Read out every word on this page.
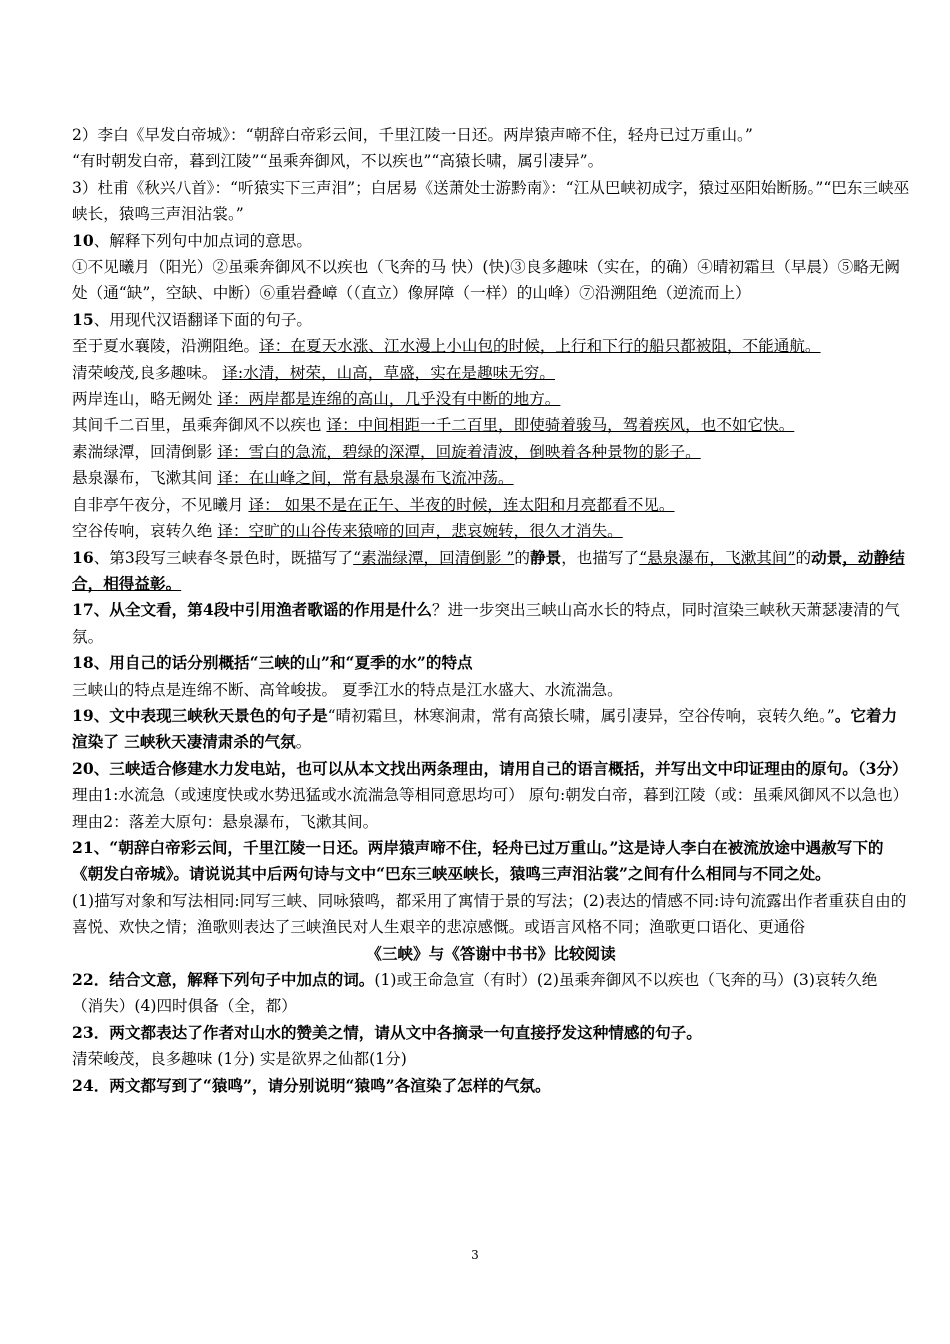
2）李白《早发白帝城》：“朝辞白帝彩云间，千里江陵一日还。两岸猿声啼不住，轻舟已过万重山。”

“有时朝发白帝，暮到江陵”“虽乘奔御风，不以疾也”“高猿长啸，属引凄异”。

3）杜甫《秋兴八首》：“听猿实下三声泪”；白居易《送萧处士游黔南》：“江从巴峡初成字，猿过巫阳始断肠。”“巴东三峡巫峡长，猿鸣三声泪沾裳。”

10、解释下列句中加点词的意思。

①不见曦月（阳光）②虽乘奔御风不以疾也（飞奔的马 快）(快)③良多趣味（实在，的确）④晴初霜旦（早晨）⑤略无阙处（通“缺”，空缺、中断）⑥重岩叠嶂（（直立）像屏障（一样）的山峰）⑦沿溯阻绝（逆流而上）

15、用现代汉语翻译下面的句子。

至于夏水襄陵，沿溯阻绝。译：在夏天水涨、江水漫上小山包的时候，上行和下行的船只都被阻，不能通航。

清荣峻茂,良多趣味。 译:水清，树荣，山高，草盛，实在是趣味无穷。

两岸连山，略无阙处 译：两岸都是连绵的高山，几乎没有中断的地方。

其间千二百里，虽乘奔御风不以疾也 译：中间相距一千二百里，即使骑着骏马，驾着疾风，也不如它快。

素湍绿潭，回清倒影 译：雪白的急流，碧绿的深潭，回旋着清波，倒映着各种景物的影子。

悬泉瀑布，飞漱其间 译：在山峰之间，常有悬泉瀑布飞流冲荡。

自非亭午夜分，不见曦月 译： 如果不是在正午、半夜的时候，连太阳和月亮都看不见。

空谷传响，哀转久绝 译：空旷的山谷传来猿啼的回声，悲哀婉转，很久才消失。

16、第3段写三峡春冬景色时，既描写了“素湍绿潭，回清倒影 ”的静景，也描写了“悬泉瀑布，飞漱其间”的动景，动静结合，相得益彰。

17、从全文看，第4段中引用渔者歌谣的作用是什么？进一步突出三峡山高水长的特点，同时渲染三峡秋天萧瑟凄清的气氛。

18、用自己的话分别概括“三峡的山”和“夏季的水”的特点

三峡山的特点是连绵不断、高耸峻拔。 夏季江水的特点是江水盛大、水流湍急。

19、文中表现三峡秋天景色的句子是“晴初霜旦，林寒涧肃，常有高猿长啸，属引凄异，空谷传响，哀转久绝。”。它着力渲染了 三峡秋天凄清肃杀的气氛。

20、三峡适合修建水力发电站，也可以从本文找出两条理由，请用自己的语言概括，并写出文中印证理由的原句。（3分）

理由1:水流急（或速度快或水势迅猛或水流湍急等相同意思均可） 原句:朝发白帝，暮到江陵（或：虽乘风御风不以急也）

理由2：落差大原句：悬泉瀑布，飞漱其间。

21、“朝辞白帝彩云间，千里江陵一日还。两岸猿声啼不住，轻舟已过万重山。”这是诗人李白在被流放途中遇赦写下的《朝发白帝城》。请说说其中后两句诗与文中“巴东三峡巫峡长，猿鸣三声泪沾裳”之间有什么相同与不同之处。

(1)描写对象和写法相同:同写三峡、同咏猿鸣，都采用了寓情于景的写法；(2)表达的情感不同:诗句流露出作者重获自由的喜悦、欢快之情；渔歌则表达了三峡渔民对人生艰辛的悲凉感慨。或语言风格不同；渔歌更口语化、更通俗

《三峡》与《答谢中书书》比较阅读

22．结合文意，解释下列句子中加点的词。(1)或王命急宣（有时）(2)虽乘奔御风不以疾也（飞奔的马）(3)哀转久绝 （消失）(4)四时俱备（全，都）

23．两文都表达了作者对山水的赞美之情，请从文中各摘录一句直接抒发这种情感的句子。

清荣峻茂，良多趣味 (1分) 实是欲界之仙都(1分)

24．两文都写到了“猿鸣”，请分别说明“猿鸣”各渲染了怎样的气氛。

3
